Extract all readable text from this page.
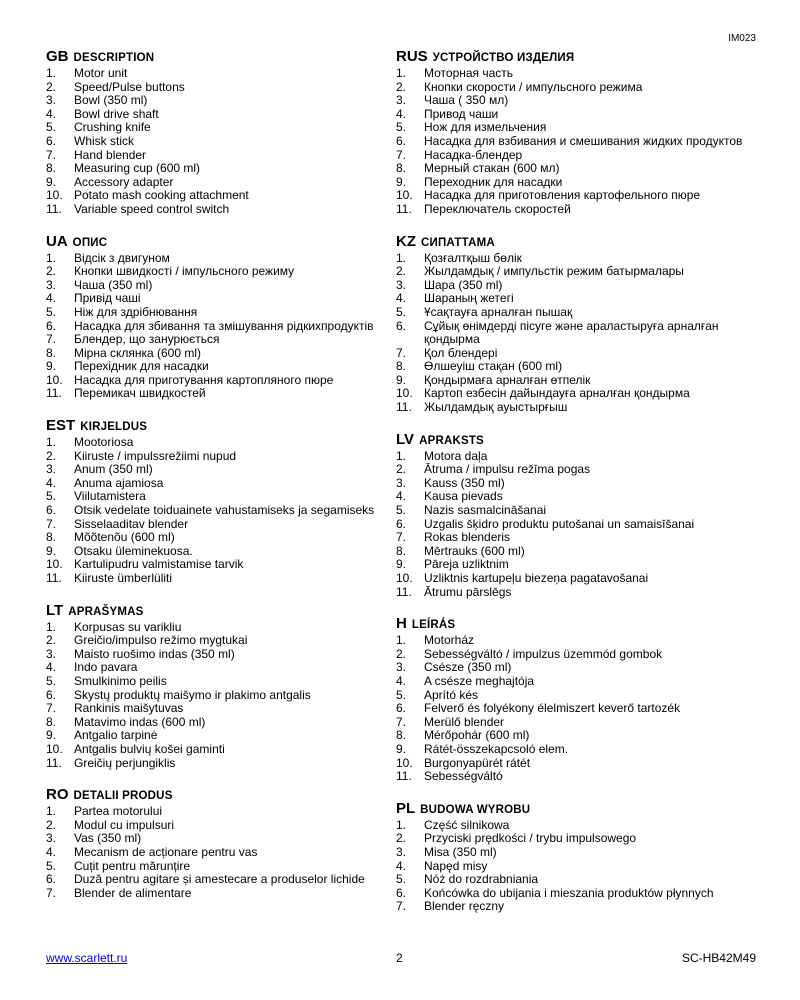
IM023
GB DESCRIPTION
1.	Motor unit
2.	Speed/Pulse buttons
3.	Bowl (350 ml)
4.	Bowl drive shaft
5.	Crushing knife
6.	Whisk stick
7.	Hand blender
8.	Measuring cup (600 ml)
9.	Accessory adapter
10. Potato mash cooking attachment
11.	Variable speed control switch
UA ОПИС
1.	Відсік з двигуном
2.	Кнопки швидкості / імпульсного режиму
3.	Чаша (350 ml)
4.	Привід чаші
5.	Ніж для здрібнювання
6.	Насадка для збивання та змішування рідкихпродуктів
7.	Блендер, що занурюється
8.	Мірна склянка (600 ml)
9.	Перехідник для насадки
10. Насадка для приготування картопляного пюре
11.	Перемикач швидкостей
EST KIRJELDUS
1.	Mootoriosa
2.	Kiiruste / impulssrežiimi nupud
3.	Anum (350 ml)
4.	Anuma ajamiosa
5.	Viilutamistera
6.	Otsik vedelate toiduainete vahustamiseks ja segamiseks
7.	Sisselaaditav blender
8.	Mõõtenõu (600 ml)
9.	Otsaku üleminekuosa.
10. Kartulipudru valmistamise tarvik
11.	Kiiruste ümberlüliti
LT APRAŠYMAS
1.	Korpusas su varikliu
2.	Greičio/impulso režimo mygtukai
3.	Maisto ruošimo indas (350 ml)
4.	Indo pavara
5.	Smulkinimo peilis
6.	Skystų produktų maišymo ir plakimo antgalis
7.	Rankinis maišytuvas
8.	Matavimo indas (600 ml)
9.	Antgalio tarpinė
10. Antgalis bulvių košei gaminti
11.	Greičių perjungiklis
RO DETALII PRODUS
1.	Partea motorului
2.	Modul cu impulsuri
3.	Vas (350 ml)
4.	Mecanism de acționare pentru vas
5.	Cuțit pentru mărunțire
6.	Duză pentru agitare și amestecare a produselor lichide
7.	Blender de alimentare
RUS УСТРОЙСТВО ИЗДЕЛИЯ
1.	Моторная часть
2.	Кнопки скорости / импульсного режима
3.	Чаша ( 350 мл)
4.	Привод чаши
5.	Нож для измельчения
6.	Насадка для взбивания и смешивания жидких продуктов
7.	Насадка-блендер
8.	Мерный стакан (600 мл)
9.	Переходник для насадки
10. Насадка для приготовления картофельного пюре
11.	Переключатель скоростей
KZ СИПАТТАМА
1.	Қозғалтқыш бөлік
2.	Жылдамдық / импульстік режим батырмалары
3.	Шара (350 ml)
4.	Шараның жетегі
5.	Ұсақтауға арналған пышақ
6.	Сұйық өнімдерді пісуге және араластыруға арналған қондырма
7.	Қол блендері
8.	Өлшеуіш стақан (600 ml)
9.	Қондырмаға арналған өтпелік
10. Картоп езбесін дайындауға арналған қондырма
11.	Жылдамдық ауыстырғыш
LV APRAKSTS
1.	Motora daļa
2.	Ātruma / impulsu režīma pogas
3.	Kauss (350 ml)
4.	Kausa pievads
5.	Nazis sasmalcināšanai
6.	Uzgalis šķidro produktu putošanai un samaisīšanai
7.	Rokas blenderis
8.	Mērtrauks (600 ml)
9.	Pāreja uzliktnim
10. Uzliktnis kartupeļu biezeņa pagatavošanai
11.	Ātrumu pārslēgs
H LEÍRÁS
1.	Motorház
2.	Sebességváltó / impulzus üzemmód gombok
3.	Csésze (350 ml)
4.	A csésze meghajtója
5.	Aprító kés
6.	Felverő és folyékony élelmiszert keverő tartozék
7.	Merülő blender
8.	Mérőpohár (600 ml)
9.	Rátét-összekapcsoló elem.
10. Burgonyapürét rátét
11.	Sebességváltó
PL BUDOWA WYROBU
1.	Część silnikowa
2.	Przyciski prędkości / trybu impulsowego
3.	Misa (350 ml)
4.	Napęd misy
5.	Nóż do rozdrabniania
6.	Końcówka do ubijania i mieszania produktów płynnych
7.	Blender ręczny
www.scarlett.ru	2	SC-HB42M49
